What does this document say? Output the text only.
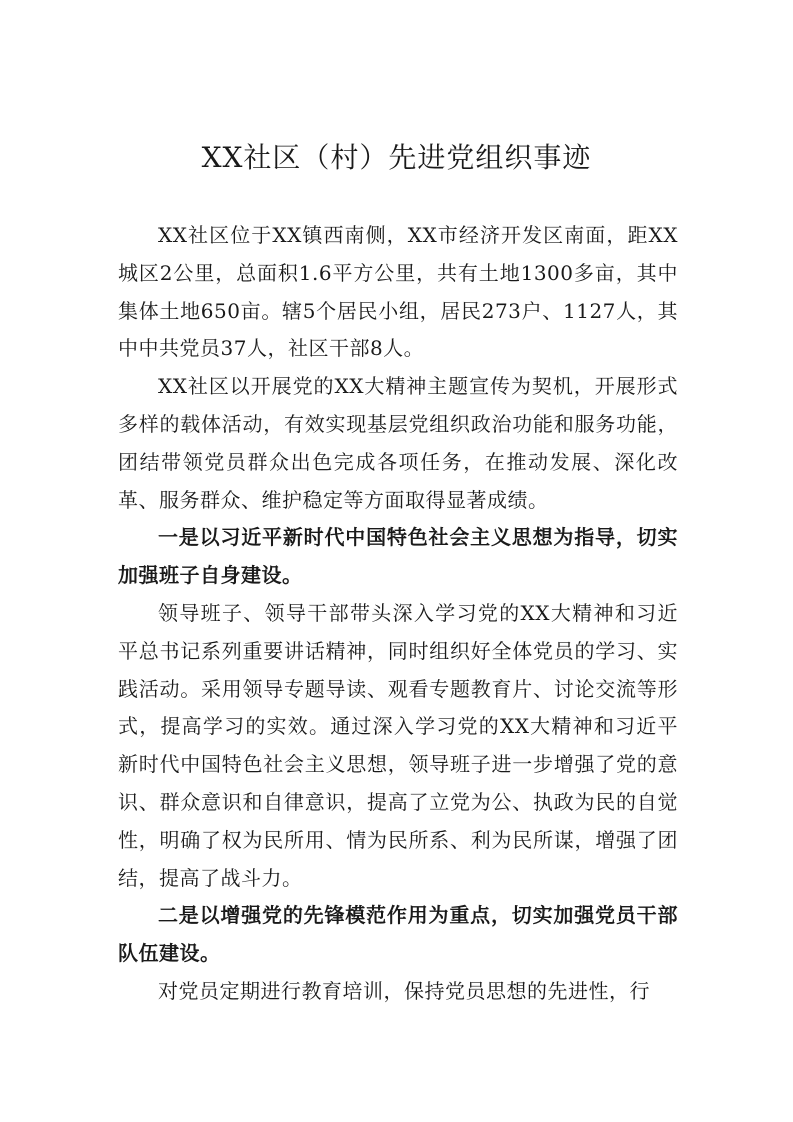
XX社区（村）先进党组织事迹

XX社区位于XX镇西南侧，XX市经济开发区南面，距XX城区2公里，总面积1.6平方公里，共有土地1300多亩，其中集体土地650亩。辖5个居民小组，居民273户、1127人，其中中共党员37人，社区干部8人。

XX社区以开展党的XX大精神主题宣传为契机，开展形式多样的载体活动，有效实现基层党组织政治功能和服务功能，团结带领党员群众出色完成各项任务，在推动发展、深化改革、服务群众、维护稳定等方面取得显著成绩。

一是以习近平新时代中国特色社会主义思想为指导，切实加强班子自身建设。

领导班子、领导干部带头深入学习党的XX大精神和习近平总书记系列重要讲话精神，同时组织好全体党员的学习、实践活动。采用领导专题导读、观看专题教育片、讨论交流等形式，提高学习的实效。通过深入学习党的XX大精神和习近平新时代中国特色社会主义思想，领导班子进一步增强了党的意识、群众意识和自律意识，提高了立党为公、执政为民的自觉性，明确了权为民所用、情为民所系、利为民所谋，增强了团结，提高了战斗力。

二是以增强党的先锋模范作用为重点，切实加强党员干部队伍建设。

对党员定期进行教育培训，保持党员思想的先进性，行
